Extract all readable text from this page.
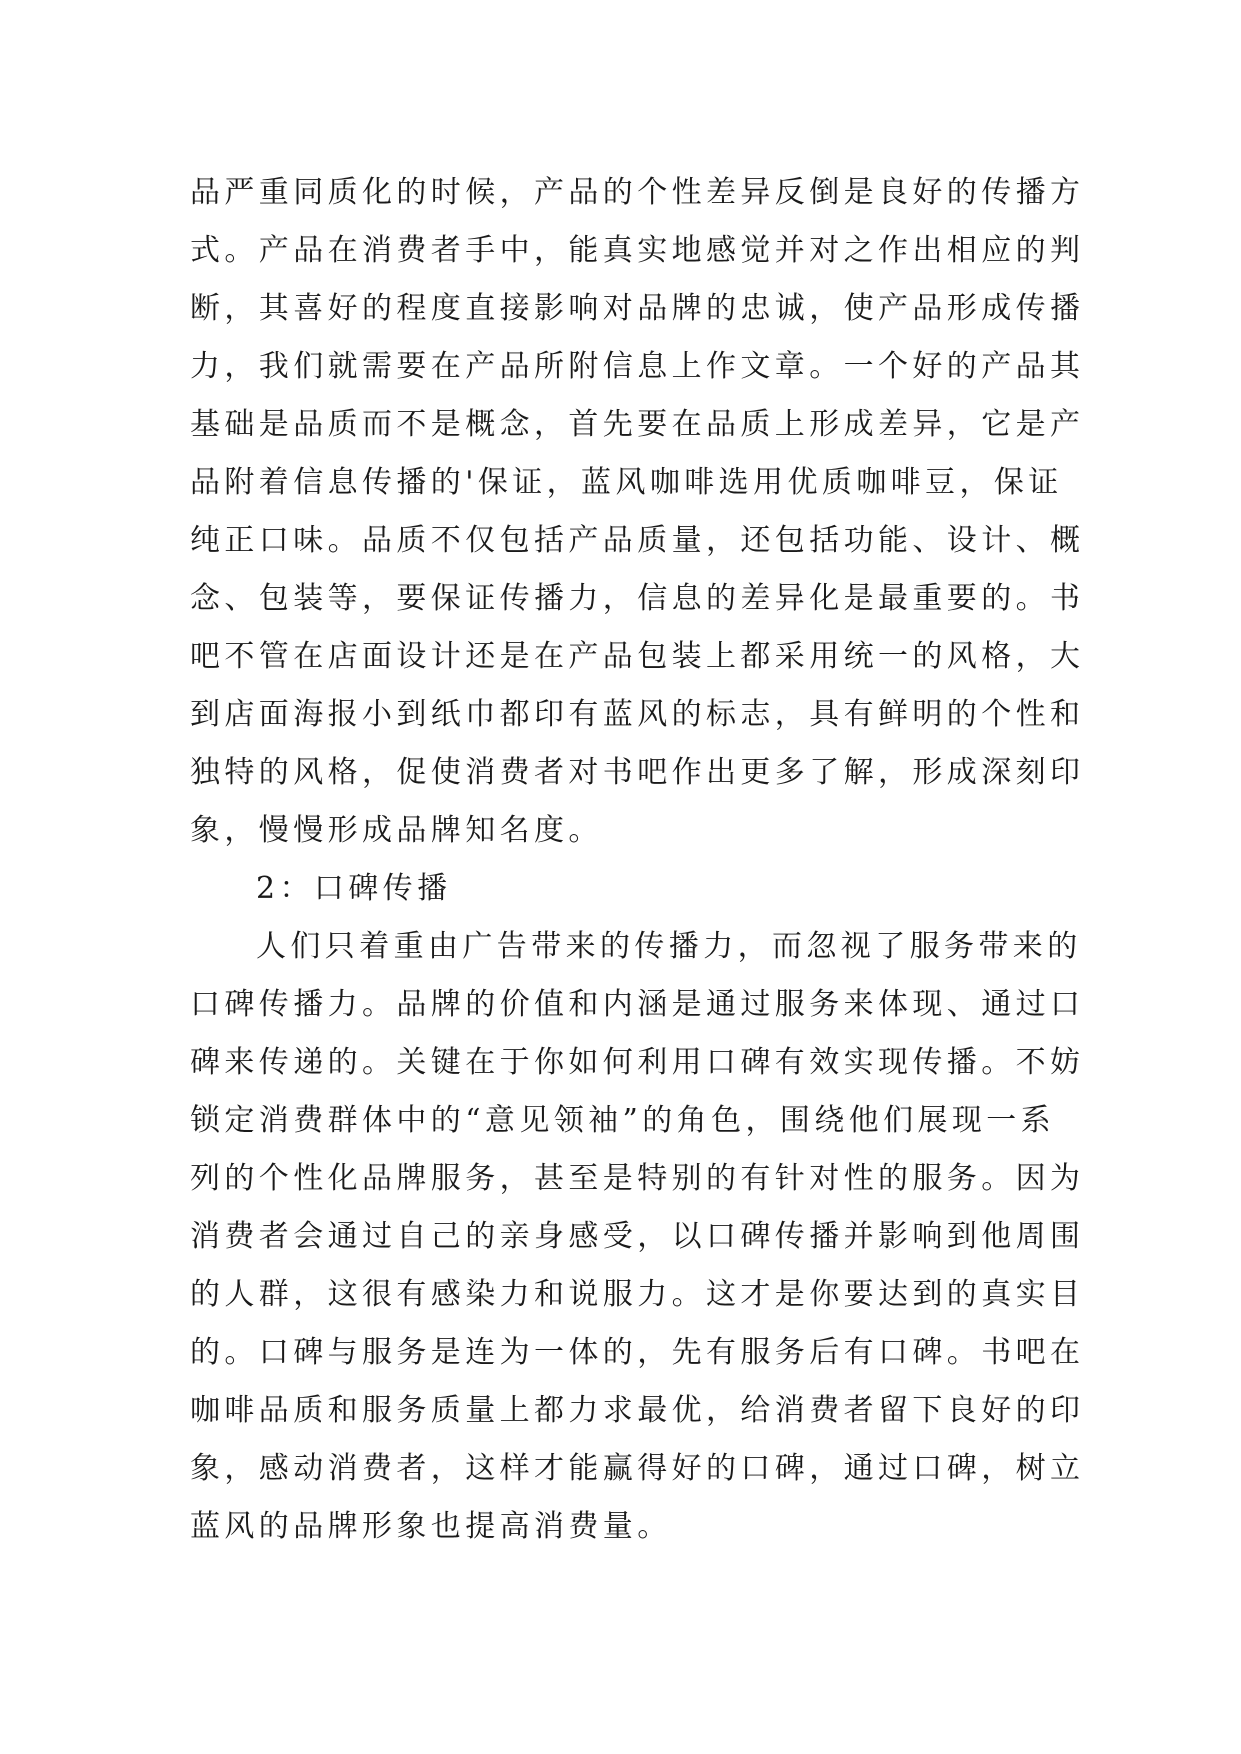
品严重同质化的时候，产品的个性差异反倒是良好的传播方
式。产品在消费者手中，能真实地感觉并对之作出相应的判
断，其喜好的程度直接影响对品牌的忠诚，使产品形成传播
力，我们就需要在产品所附信息上作文章。一个好的产品其
基础是品质而不是概念，首先要在品质上形成差异，它是产
品附着信息传播的'保证，蓝风咖啡选用优质咖啡豆，保证
纯正口味。品质不仅包括产品质量，还包括功能、设计、概
念、包装等，要保证传播力，信息的差异化是最重要的。书
吧不管在店面设计还是在产品包装上都采用统一的风格，大
到店面海报小到纸巾都印有蓝风的标志，具有鲜明的个性和
独特的风格，促使消费者对书吧作出更多了解，形成深刻印
象，慢慢形成品牌知名度。
2：口碑传播
人们只着重由广告带来的传播力，而忽视了服务带来的
口碑传播力。品牌的价值和内涵是通过服务来体现、通过口
碑来传递的。关键在于你如何利用口碑有效实现传播。不妨
锁定消费群体中的“意见领袖”的角色，围绕他们展现一系
列的个性化品牌服务，甚至是特别的有针对性的服务。因为
消费者会通过自己的亲身感受，以口碑传播并影响到他周围
的人群，这很有感染力和说服力。这才是你要达到的真实目
的。口碑与服务是连为一体的，先有服务后有口碑。书吧在
咖啡品质和服务质量上都力求最优，给消费者留下良好的印
象，感动消费者，这样才能赢得好的口碑，通过口碑，树立
蓝风的品牌形象也提高消费量。
